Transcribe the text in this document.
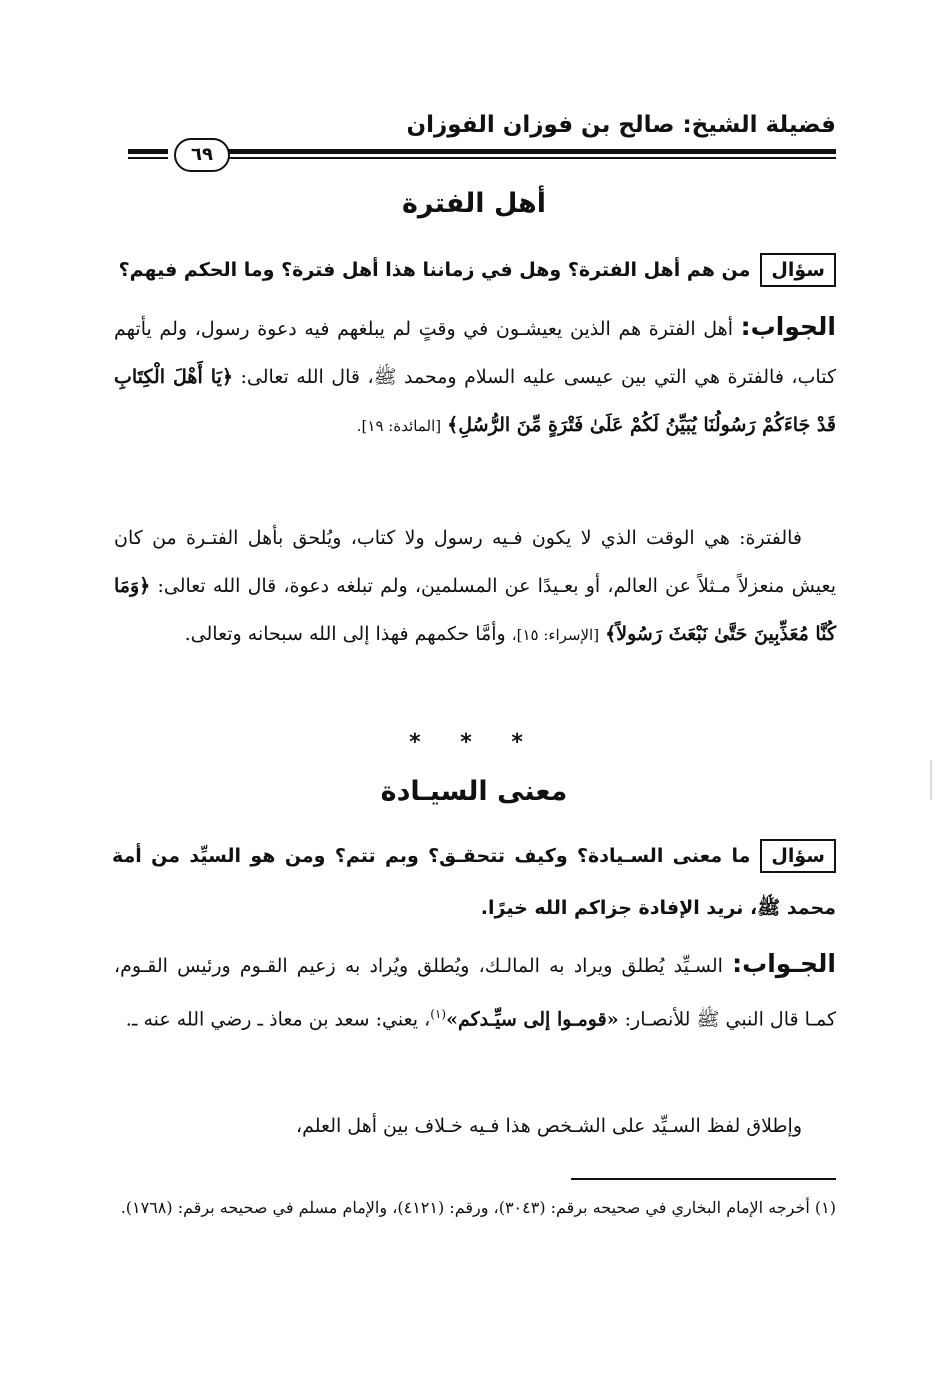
فضيلة الشيخ: صالح بن فوزان الفوزان
٦٩
أهل الفترة
سؤالمن هم أهل الفترة؟ وهل في زماننا هذا أهل فترة؟ وما الحكم فيهم؟
الجواب: أهل الفترة هم الذين يعيشـون في وقتٍ لم يبلغهم فيه دعوة رسول، ولم يأتهم كتاب، فالفترة هي التي بين عيسى عليه السلام ومحمد ﷺ، قال الله تعالى: ﴿يَا أَهْلَ الْكِتَابِ قَدْ جَاءَكُمْ رَسُولُنَا يُبَيِّنُ لَكُمْ عَلَىٰ فَتْرَةٍ مِّنَ الرُّسُلِ﴾ [المائدة: ١٩].
فالفترة: هي الوقت الذي لا يكون فـيه رسول ولا كتاب، ويُلحق بأهل الفتـرة من كان يعيش منعزلاً مـثلاً عن العالم، أو بعـيدًا عن المسلمين، ولم تبلغه دعوة، قال الله تعالى: ﴿وَمَا كُنَّا مُعَذِّبِينَ حَتَّىٰ نَبْعَثَ رَسُولاً﴾ [الإسراء: ١٥]، وأمَّا حكمهم فهذا إلى الله سبحانه وتعالى.
* * *
معنى السيـادة
سؤالما معنى السـيادة؟ وكيف تتحقـق؟ وبم تتم؟ ومن هو السيِّد من أمة محمد ﷺ، نريد الإفادة جزاكم الله خيرًا.
الجـواب: السـيِّد يُطلق ويراد به المالـك، ويُطلق ويُراد به زعيم القـوم ورئيس القـوم، كمـا قال النبي ﷺ للأنصـار: «قومـوا إلى سيِّـدكم»$^{(١)}$، يعني: سعد بن معاذ ـ رضي الله عنه ـ.
وإطلاق لفظ السـيِّد على الشـخص هذا فـيه خـلاف بين أهل العلم،
(١) أخرجه الإمام البخاري في صحيحه برقم: (٣٠٤٣)، ورقم: (٤١٢١)، والإمام مسلم في صحيحه برقم: (١٧٦٨).
